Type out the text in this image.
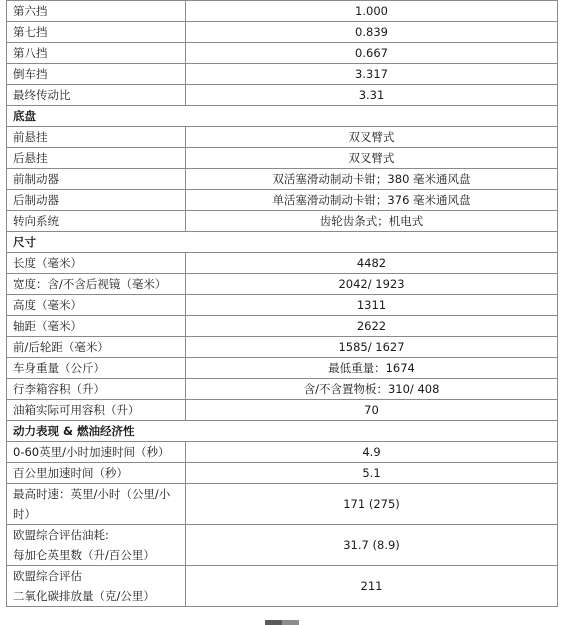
第六挡	1.000
第七挡	0.839
第八挡	0.667
倒车挡	3.317
最终传动比	3.31
底盘	
前悬挂	双叉臂式
后悬挂	双叉臂式
前制动器	双活塞滑动制动卡钳；380 毫米通风盘
后制动器	单活塞滑动制动卡钳；376 毫米通风盘
转向系统	齿轮齿条式；机电式
尺寸	
长度（毫米）	4482
宽度：含/不含后视镜（毫米）	2042/ 1923
高度（毫米）	1311
轴距（毫米）	2622
前/后轮距（毫米）	1585/ 1627
车身重量（公斤）	最低重量：1674
行李箱容积（升）	含/不含置物板：310/ 408
油箱实际可用容积（升）	70
动力表现 & 燃油经济性	
0-60英里/小时加速时间（秒）	4.9
百公里加速时间（秒）	5.1
最高时速：英里/小时（公里/小时）	171 (275)
欧盟综合评估油耗:
每加仑英里数（升/百公里）	31.7 (8.9)
欧盟综合评估
二氧化碳排放量（克/公里）	211
